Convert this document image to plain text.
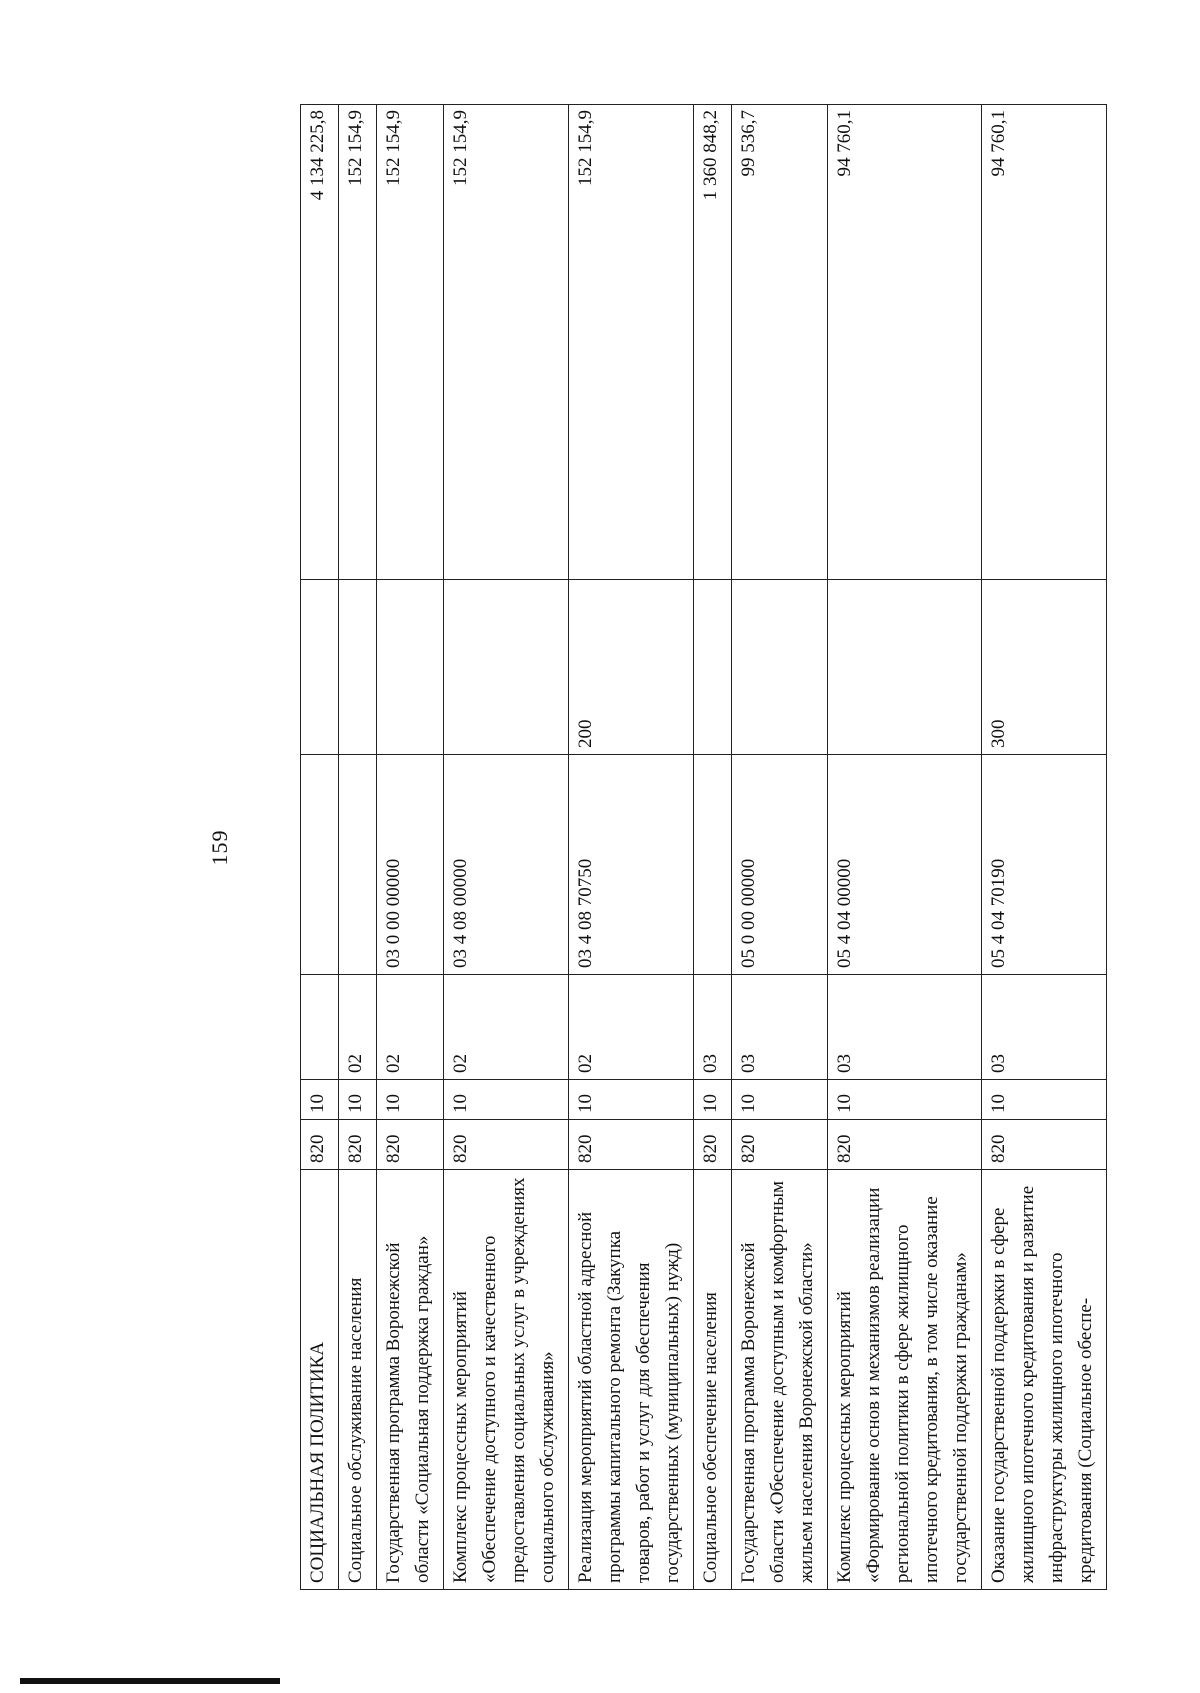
159
СОЦИАЛЬНАЯ ПОЛИТИКА	820	10				4 134 225,8
Социальное обслуживание населения	820	10	02			152 154,9
Государственная программа Воронежской области «Социальная поддержка граждан»	820	10	02	03 0 00 00000		152 154,9
Комплекс процессных мероприятий «Обеспечение доступного и качественного предоставления социальных услуг в учреждениях социального обслуживания»	820	10	02	03 4 08 00000		152 154,9
Реализация мероприятий областной адресной программы капитального ремонта (Закупка товаров, работ и услуг для обеспечения государственных (муниципальных) нужд)	820	10	02	03 4 08 70750	200	152 154,9
Социальное обеспечение населения	820	10	03			1 360 848,2
Государственная программа Воронежской области «Обеспечение доступным и комфортным жильем населения Воронежской области»	820	10	03	05 0 00 00000		99 536,7
Комплекс процессных мероприятий «Формирование основ и механизмов реализации региональной политики в сфере жилищного ипотечного кредитования, в том числе оказание государственной поддержки гражданам»	820	10	03	05 4 04 00000		94 760,1
Оказание государственной поддержки в сфере жилищного ипотечного кредитования и развитие инфраструктуры жилищного ипотечного кредитования (Социальное обеспе-	820	10	03	05 4 04 70190	300	94 760,1
